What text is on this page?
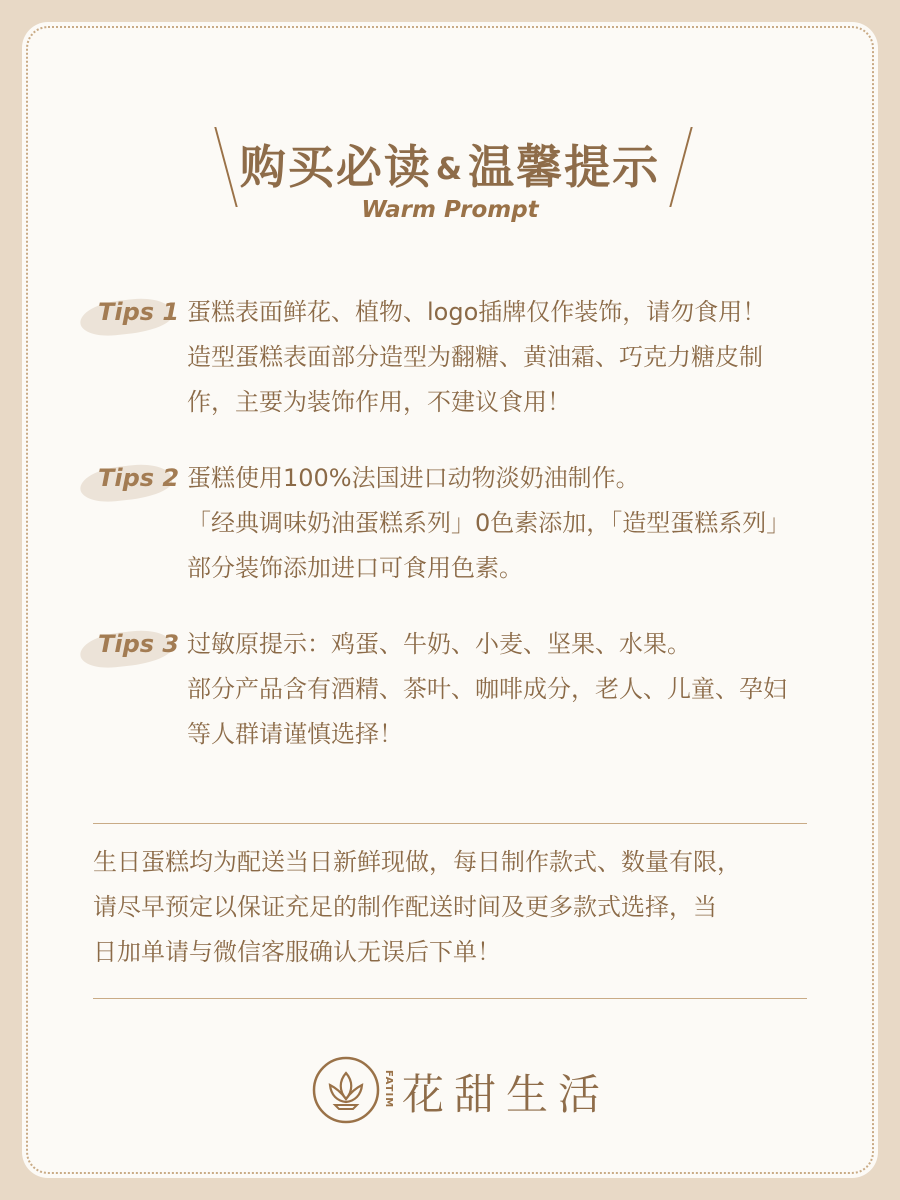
购买必读 &温馨提示
Warm Prompt
Tips 1 蛋糕表面鲜花、植物、logo插牌仅作装饰，请勿食用！
造型蛋糕表面部分造型为翻糖、黄油霜、巧克力糖皮制
作，主要为装饰作用，不建议食用！
Tips 2 蛋糕使用100%法国进口动物淡奶油制作。
「经典调味奶油蛋糕系列」0色素添加，「造型蛋糕系列」
部分装饰添加进口可食用色素。
Tips 3 过敏原提示：鸡蛋、牛奶、小麦、坚果、水果。
部分产品含有酒精、茶叶、咖啡成分，老人、儿童、孕妇
等人群请谨慎选择！
生日蛋糕均为配送当日新鲜现做，每日制作款式、数量有限，
请尽早预定以保证充足的制作配送时间及更多款式选择，当
日加单请与微信客服确认无误后下单！
FATIM 花甜生活
